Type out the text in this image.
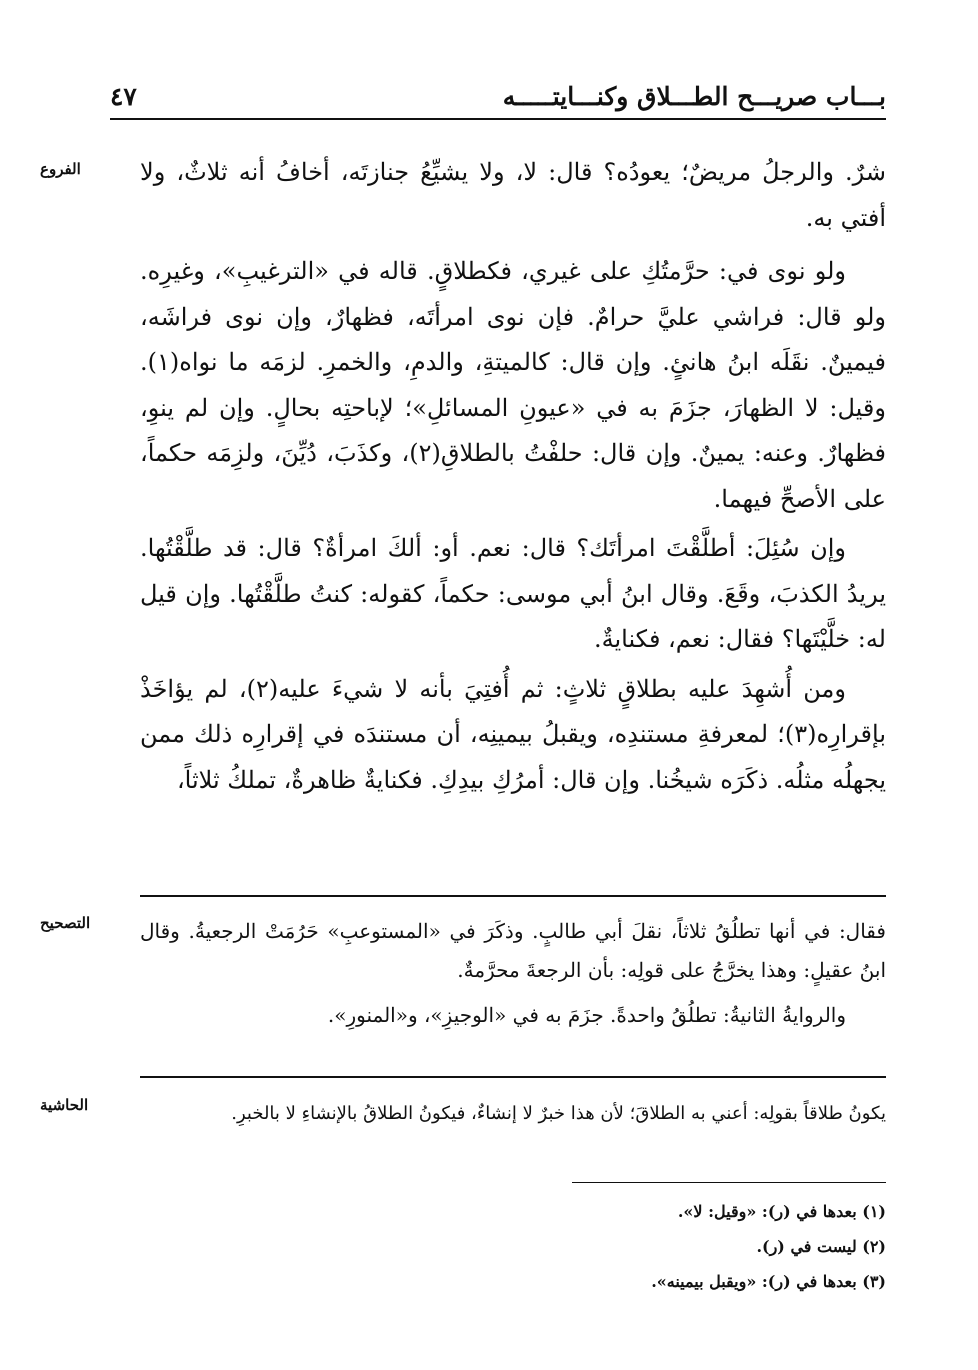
بـــاب صريـــح الطـــلاق وكنـــايتـــــه
٤٧
الفروع
التصحيح
الحاشية

شرٌ. والرجلُ مريضٌ؛ يعودُه؟ قال: لا، ولا يشيِّعُ جنازتَه، أخافُ أنه ثلاثٌ، ولا أفتي به.

ولو نوى في: حرَّمتُكِ على غيري، فكطلاقٍ. قاله في «الترغيبِ»، وغيرِه. ولو قال: فراشي عليَّ حرامٌ. فإن نوى امرأتَه، فظهارٌ، وإن نوى فراشَه، فيمينٌ. نقَلَه ابنُ هانئٍ. وإن قال: كالميتةِ، والدمِ، والخمرِ. لزمَه ما نواه(١). وقيل: لا الظهارَ، جزَمَ به في «عيونِ المسائلِ»؛ لإباحتِه بحالٍ. وإن لم ينوِ، فظهارٌ. وعنه: يمينٌ. وإن قال: حلفْتُ بالطلاقِ(٢)، وكذَبَ، دُيِّنَ، ولزِمَه حكماً، على الأصحِّ فيهما.

وإن سُئِلَ: أطلَّقْتَ امرأتَك؟ قال: نعم. أو: ألكَ امرأةٌ؟ قال: قد طلَّقْتُها. يريدُ الكذبَ، وقَعَ. وقال ابنُ أبي موسى: حكماً، كقوله: كنتُ طلَّقْتُها. وإن قيل له: خلَّيْتَها؟ فقال: نعم، فكنايةٌ.

ومن أُشهِدَ عليه بطلاقٍ ثلاثٍ: ثم أُفتِيَ بأنه لا شيءَ عليه(٢)، لم يؤاخَذْ بإقرارِه(٣)؛ لمعرفةِ مستندِه، ويقبلُ بيمينِه، أن مستندَه في إقرارِه ذلك ممن يجهلُه مثلُه. ذكَرَه شيخُنا. وإن قال: أمرُكِ بيدِكِ. فكنايةٌ ظاهرةٌ، تملكُ ثلاثاً،

فقال: في أنها تطلُقُ ثلاثاً، نقلَ أبي طالبٍ. وذكَرَ في «المستوعبِ» حَرُمَتْ الرجعيةُ. وقال ابنُ عقيلٍ: وهذا يخرَّجُ على قولِه: بأن الرجعةَ محرَّمةٌ.

والروايةُ الثانيةُ: تطلُقُ واحدةً. جزَمَ به في «الوجيزِ»، و«المنورِ».

يكونُ طلاقاً بقولِه: أعني به الطلاقَ؛ لأن هذا خبرٌ لا إنشاءٌ، فيكونُ الطلاقُ بالإنشاءِ لا بالخبرِ.

(١) بعدها في (ر): «وقيل: لا».

(٢) ليست في (ر).

(٣) بعدها في (ر): «ويقبل بيمينه».
